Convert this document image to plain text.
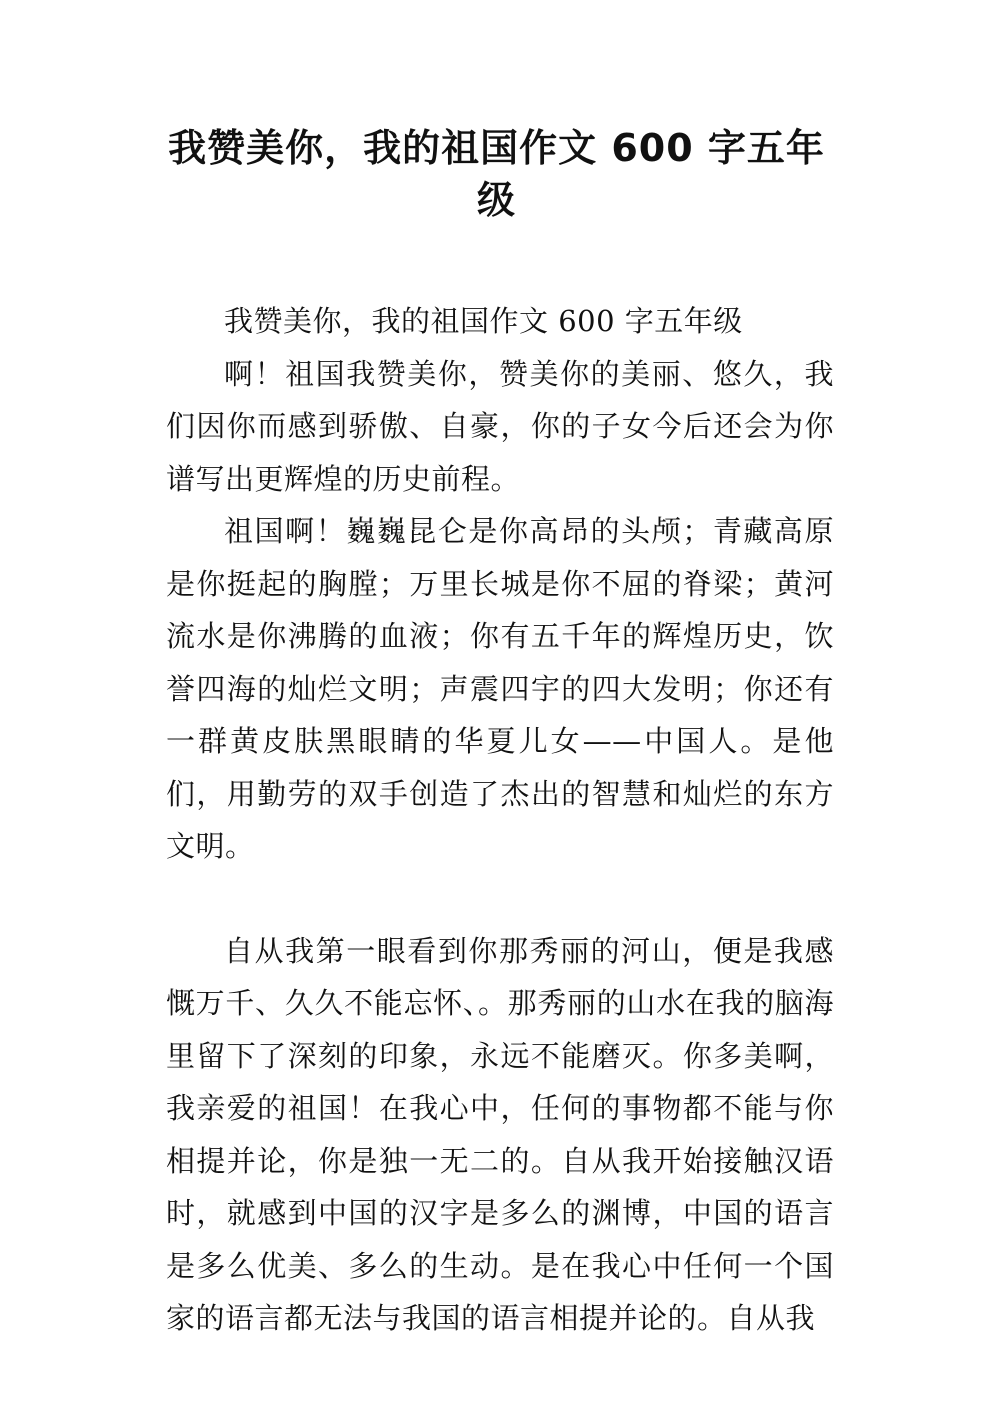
我赞美你，我的祖国作文 600 字五年级

我赞美你，我的祖国作文 600 字五年级

啊！祖国我赞美你，赞美你的美丽、悠久，我们因你而感到骄傲、自豪，你的子女今后还会为你谱写出更辉煌的历史前程。

祖国啊！巍巍昆仑是你高昂的头颅；青藏高原是你挺起的胸膛；万里长城是你不屈的脊梁；黄河流水是你沸腾的血液；你有五千年的辉煌历史，饮誉四海的灿烂文明；声震四宇的四大发明；你还有一群黄皮肤黑眼睛的华夏儿女——中国人。是他们，用勤劳的双手创造了杰出的智慧和灿烂的东方文明。

自从我第一眼看到你那秀丽的河山，便是我感慨万千、久久不能忘怀、。那秀丽的山水在我的脑海里留下了深刻的印象，永远不能磨灭。你多美啊，我亲爱的祖国！在我心中，任何的事物都不能与你相提并论，你是独一无二的。自从我开始接触汉语时，就感到中国的汉字是多么的渊博，中国的语言是多么优美、多么的生动。是在我心中任何一个国家的语言都无法与我国的语言相提并论的。自从我
